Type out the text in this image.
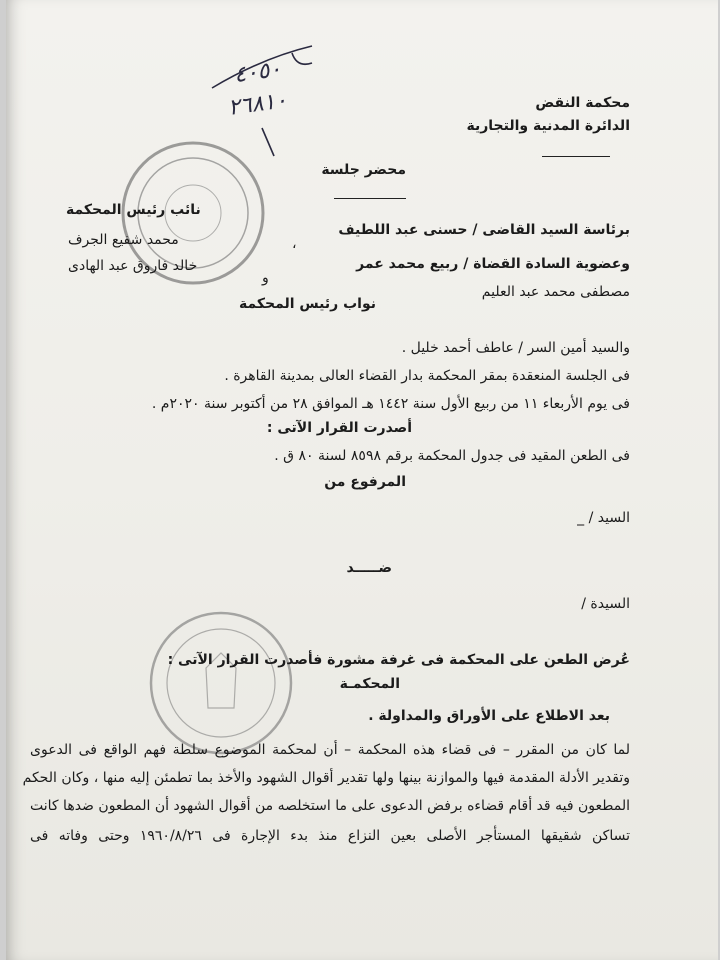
٤٠٥٠
٢٦٨١٠	محكمة النقض
الدائرة المدنية والتجارية
محضر جلسة
برئاسة السيد القاضى / حسنى عبد اللطيف
نائب رئيس المحكمة
،
وعضوية السادة القضاة / ربيع محمد عمر
محمد شفيع الجرف
خالد فاروق عبد الهادى
و
مصطفى محمد عبد العليم
نواب رئيس المحكمة
والسيد أمين السر / عاطف أحمد خليل .
فى الجلسة المنعقدة بمقر المحكمة بدار القضاء العالى بمدينة القاهرة .
فى يوم الأربعاء ١١ من ربيع الأول سنة ١٤٤٢ هـ الموافق ٢٨ من أكتوبر سنة ٢٠٢٠م .
أصدرت القرار الآتى :
فى الطعن المقيد فى جدول المحكمة برقم ٨٥٩٨ لسنة ٨٠ ق .
المرفوع من
السيد / _
ضـــــد
السيدة /
عُرض الطعن على المحكمة فى غرفة مشورة فأصدرت القرار الآتى :
المحكمـة
بعد الاطلاع على الأوراق والمداولة .
لما كان من المقرر – فى قضاء هذه المحكمة – أن لمحكمة الموضوع سلطة فهم الواقع فى الدعوى
وتقدير الأدلة المقدمة فيها والموازنة بينها ولها تقدير أقوال الشهود والأخذ بما تطمئن إليه منها ، وكان الحكم
المطعون فيه قد أقام قضاءه برفض الدعوى على ما استخلصه من أقوال الشهود أن المطعون ضدها كانت
تساكن شقيقها المستأجر الأصلى بعين النزاع منذ بدء الإجارة فى ١٩٦٠/٨/٢٦ وحتى وفاته فى
